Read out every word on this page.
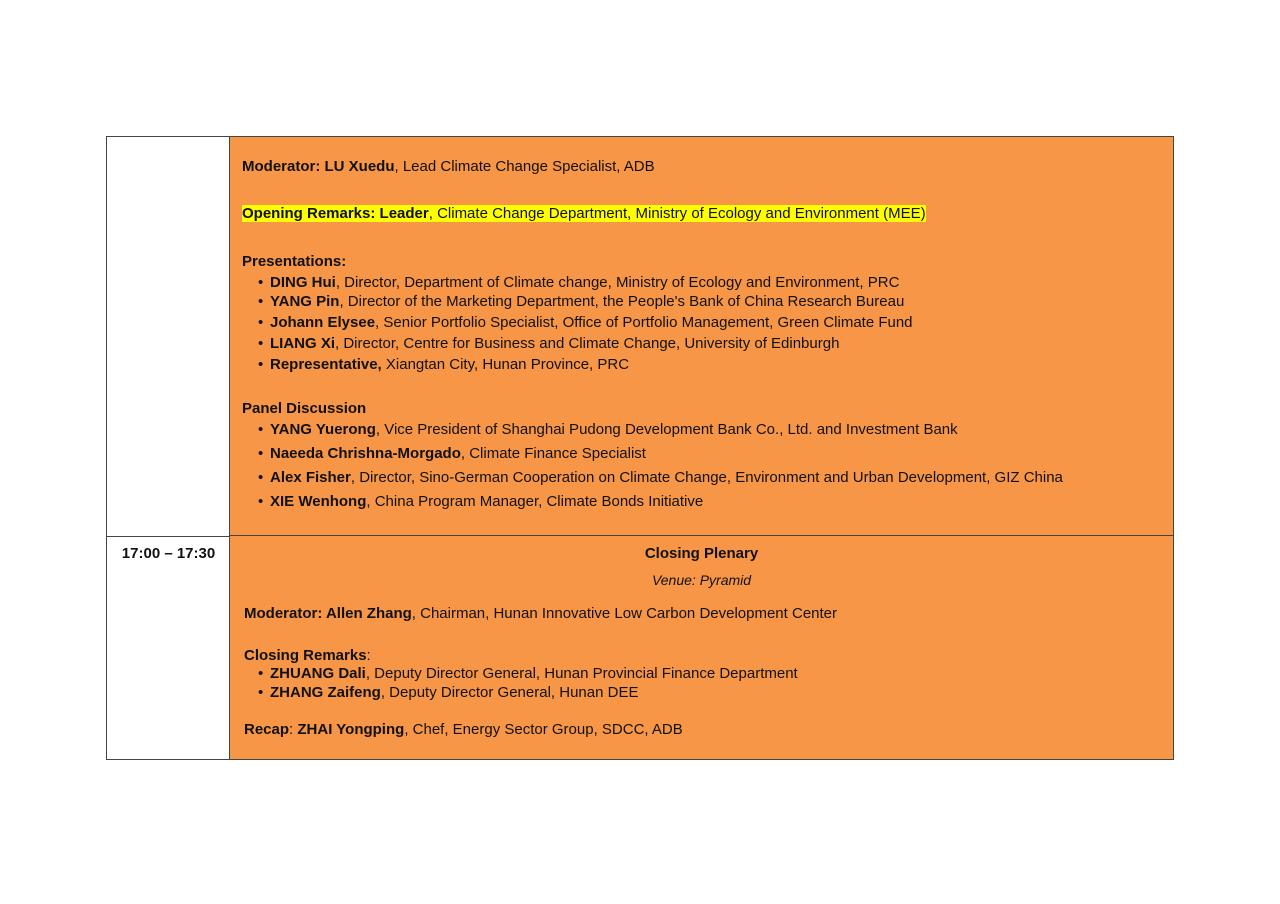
17:00 – 17:30
Moderator: LU Xuedu, Lead Climate Change Specialist, ADB
Opening Remarks: Leader, Climate Change Department, Ministry of Ecology and Environment (MEE)
Presentations:
• DING Hui, Director, Department of Climate change, Ministry of Ecology and Environment, PRC
• YANG Pin, Director of the Marketing Department, the People's Bank of China Research Bureau
• Johann Elysee, Senior Portfolio Specialist, Office of Portfolio Management, Green Climate Fund
• LIANG Xi, Director, Centre for Business and Climate Change, University of Edinburgh
• Representative, Xiangtan City, Hunan Province, PRC
Panel Discussion
• YANG Yuerong, Vice President of Shanghai Pudong Development Bank Co., Ltd. and Investment Bank
• Naeeda Chrishna-Morgado, Climate Finance Specialist
• Alex Fisher, Director, Sino-German Cooperation on Climate Change, Environment and Urban Development, GIZ China
• XIE Wenhong, China Program Manager, Climate Bonds Initiative
Closing Plenary
Venue: Pyramid
Moderator: Allen Zhang, Chairman, Hunan Innovative Low Carbon Development Center
Closing Remarks:
• ZHUANG Dali, Deputy Director General, Hunan Provincial Finance Department
• ZHANG Zaifeng, Deputy Director General, Hunan DEE
Recap: ZHAI Yongping, Chef, Energy Sector Group, SDCC, ADB
